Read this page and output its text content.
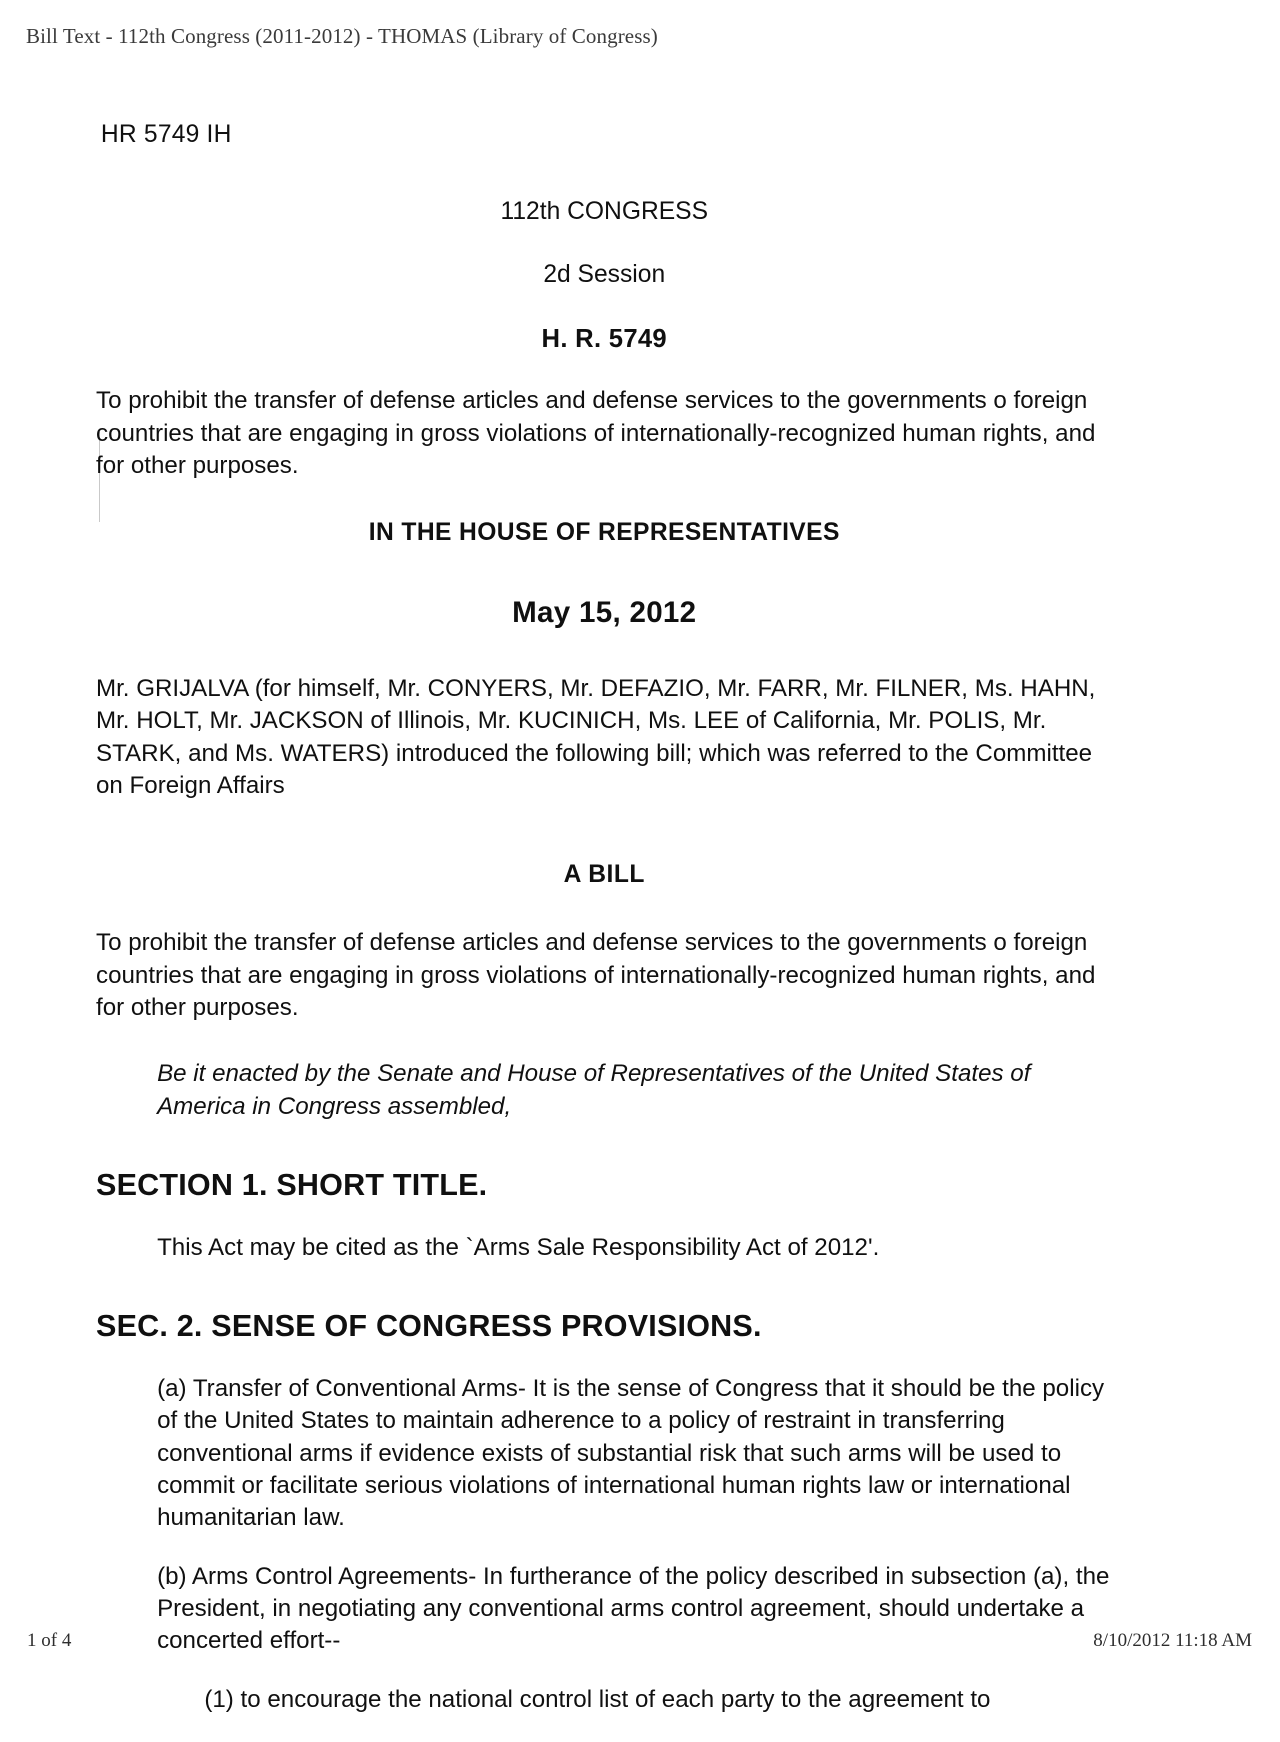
Bill Text - 112th Congress (2011-2012) - THOMAS (Library of Congress)
HR 5749 IH
112th CONGRESS
2d Session
H. R. 5749
To prohibit the transfer of defense articles and defense services to the governments o foreign countries that are engaging in gross violations of internationally-recognized human rights, and for other purposes.
IN THE HOUSE OF REPRESENTATIVES
May 15, 2012
Mr. GRIJALVA (for himself, Mr. CONYERS, Mr. DEFAZIO, Mr. FARR, Mr. FILNER, Ms. HAHN, Mr. HOLT, Mr. JACKSON of Illinois, Mr. KUCINICH, Ms. LEE of California, Mr. POLIS, Mr. STARK, and Ms. WATERS) introduced the following bill; which was referred to the Committee on Foreign Affairs
A BILL
To prohibit the transfer of defense articles and defense services to the governments o foreign countries that are engaging in gross violations of internationally-recognized human rights, and for other purposes.
Be it enacted by the Senate and House of Representatives of the United States of America in Congress assembled,
SECTION 1. SHORT TITLE.
This Act may be cited as the `Arms Sale Responsibility Act of 2012'.
SEC. 2. SENSE OF CONGRESS PROVISIONS.
(a) Transfer of Conventional Arms- It is the sense of Congress that it should be the policy of the United States to maintain adherence to a policy of restraint in transferring conventional arms if evidence exists of substantial risk that such arms will be used to commit or facilitate serious violations of international human rights law or international humanitarian law.
(b) Arms Control Agreements- In furtherance of the policy described in subsection (a), the President, in negotiating any conventional arms control agreement, should undertake a concerted effort--
(1) to encourage the national control list of each party to the agreement to
1 of 4	8/10/2012 11:18 AM
